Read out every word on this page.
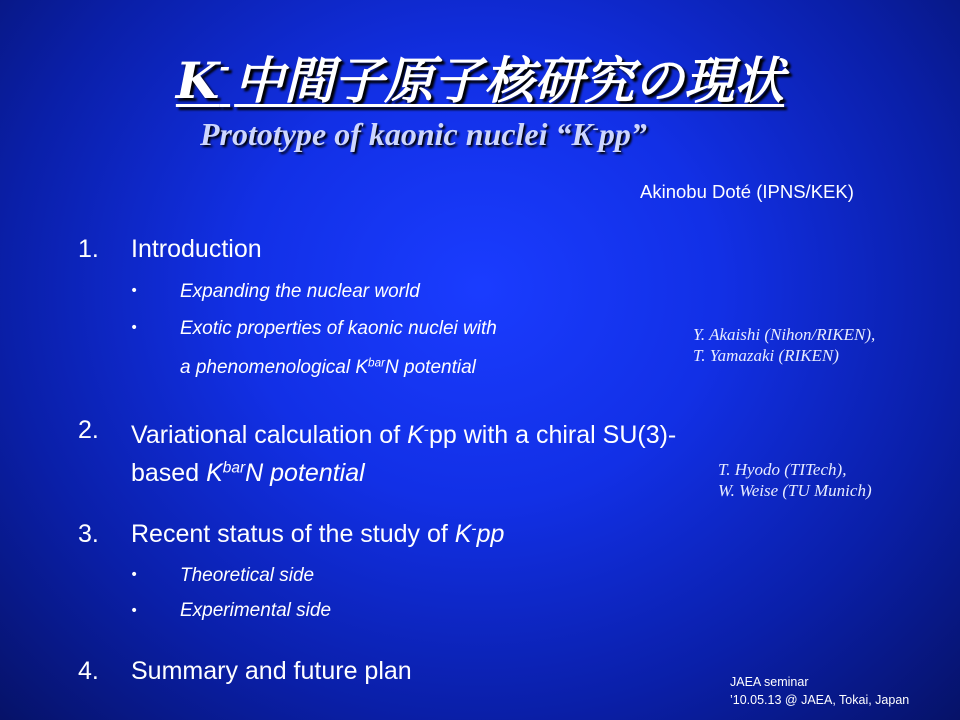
K-中間子原子核研究の現状
Prototype of kaonic nuclei “K-pp”
Akinobu Doté (IPNS/KEK)
1. Introduction
• Expanding the nuclear world
• Exotic properties of kaonic nuclei with
a phenomenological $K^{bar}N$ potential
Y. Akaishi (Nihon/RIKEN),
T. Yamazaki (RIKEN)
2. Variational calculation of K-pp with a chiral SU(3)-
based $K^{bar}N$ potential	T. Hyodo (TITech),
W. Weise (TU Munich)
3. Recent status of the study of K-pp
• Theoretical side
• Experimental side
4. Summary and future plan	JAEA seminar
’10.05.13 @ JAEA, Tokai, Japan
